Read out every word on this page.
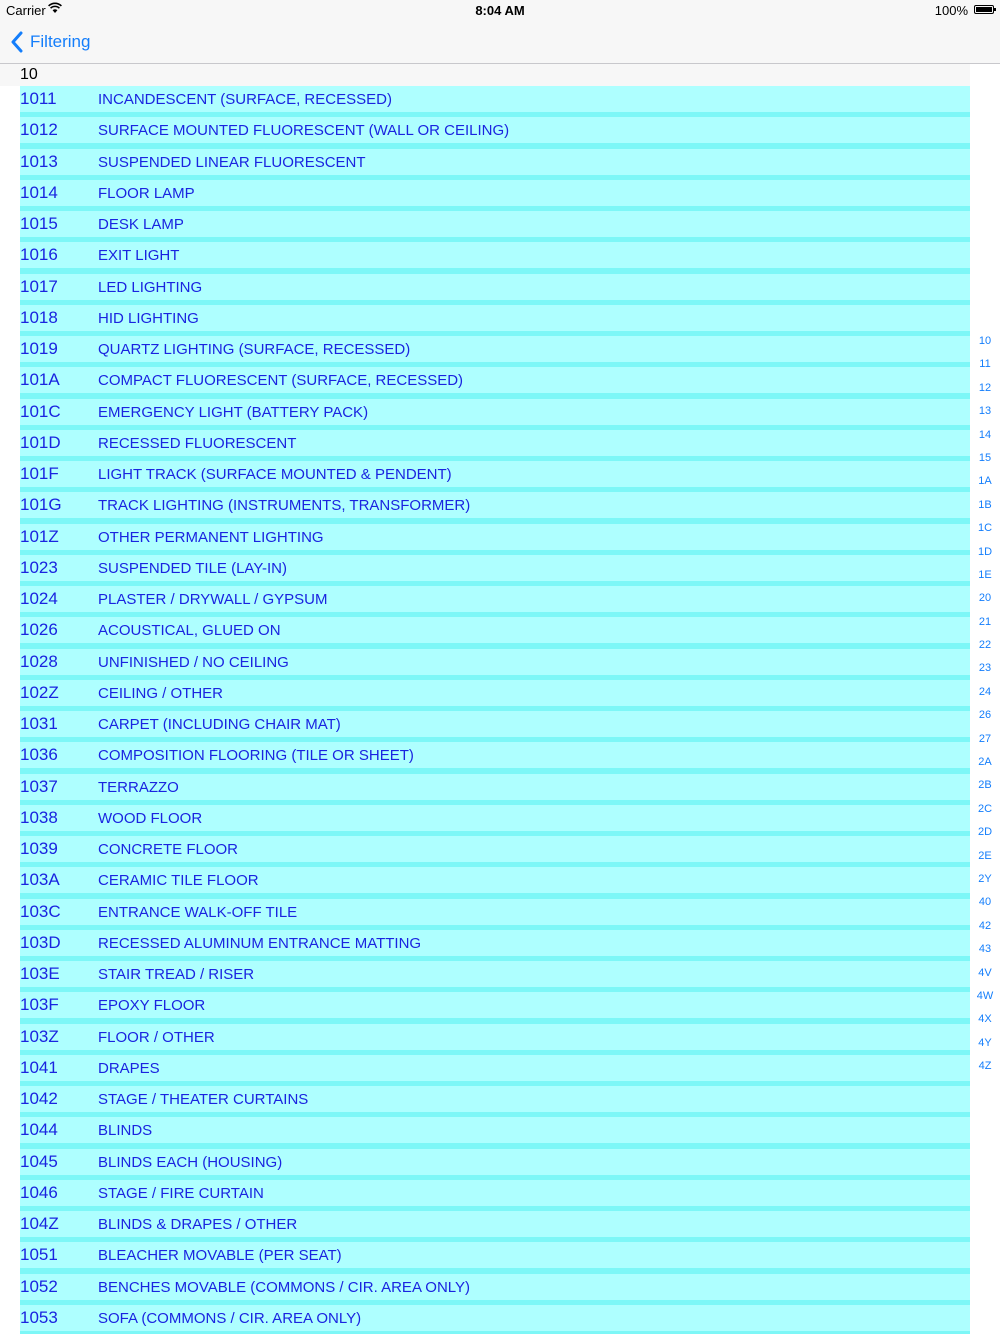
Carrier	8:04 AM	100%
Filtering
10
1011	INCANDESCENT (SURFACE, RECESSED)
1012	SURFACE MOUNTED FLUORESCENT (WALL OR CEILING)
1013	SUSPENDED LINEAR FLUORESCENT
1014	FLOOR LAMP
1015	DESK LAMP
1016	EXIT LIGHT
1017	LED LIGHTING
1018	HID LIGHTING
1019	QUARTZ LIGHTING (SURFACE, RECESSED)
101A	COMPACT FLUORESCENT (SURFACE, RECESSED)
101C EMERGENCY LIGHT (BATTERY PACK)
101D RECESSED FLUORESCENT
101F	LIGHT TRACK (SURFACE MOUNTED & PENDENT)
101G TRACK LIGHTING (INSTRUMENTS, TRANSFORMER)
101Z	OTHER PERMANENT LIGHTING
1023	SUSPENDED TILE (LAY-IN)
1024	PLASTER / DRYWALL / GYPSUM
1026	ACOUSTICAL, GLUED ON
1028	UNFINISHED / NO CEILING
102Z	CEILING / OTHER
1031	CARPET (INCLUDING CHAIR MAT)
1036	COMPOSITION FLOORING (TILE OR SHEET)
1037	TERRAZZO
1038	WOOD FLOOR
1039	CONCRETE FLOOR
103A	CERAMIC TILE FLOOR
103C ENTRANCE WALK-OFF TILE
103D RECESSED ALUMINUM ENTRANCE MATTING
103E	STAIR TREAD / RISER
103F	EPOXY FLOOR
103Z	FLOOR / OTHER
1041	DRAPES
1042	STAGE / THEATER CURTAINS
1044	BLINDS
1045	BLINDS EACH (HOUSING)
1046	STAGE / FIRE CURTAIN
104Z	BLINDS & DRAPES / OTHER
1051	BLEACHER MOVABLE (PER SEAT)
1052	BENCHES MOVABLE (COMMONS / CIR. AREA ONLY)
1053	SOFA (COMMONS / CIR. AREA ONLY)
10
11
12
13
14
15
1A
1B
1C
1D
1E
20
21
22
23
24
26
27
2A
2B
2C
2D
2E
2Y
40
42
43
4V
4W
4X
4Y
4Z
